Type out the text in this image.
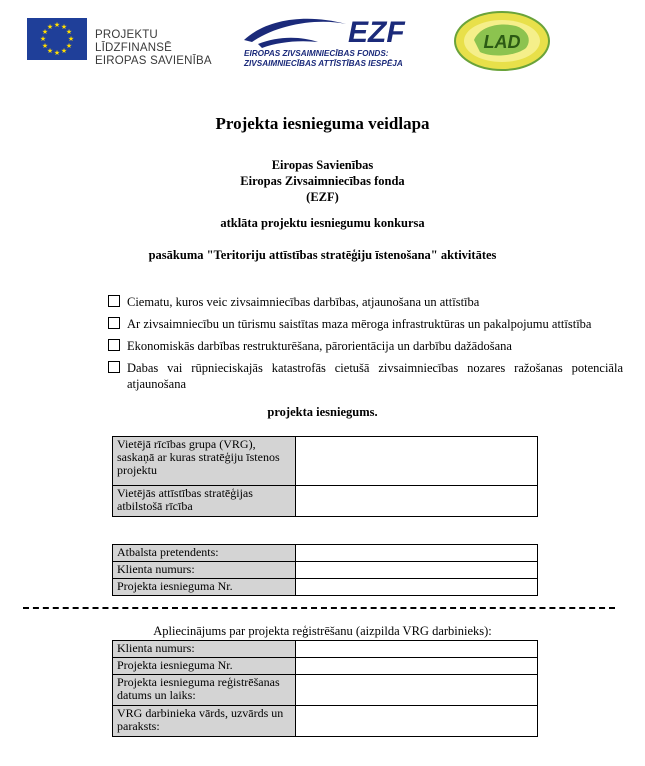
★ ★
★
★
★
★
★
★
★
★
★
★
PROJEKTU LĪDZFINANSĒ
EIROPAS SAVIENĪBA
EZF
EIROPAS ZIVSAIMNIECĪBAS FONDS:
ZIVSAIMNIECĪBAS ATTĪSTĪBAS IESPĒJA
LAD
Projekta iesnieguma veidlapa
Eiropas Savienības
Eiropas Zivsaimniecības fonda
(EZF)
atklāta projektu iesniegumu konkursa
pasākuma "Teritoriju attīstības stratēģiju īstenošana" aktivitātes
Ciematu, kuros veic zivsaimniecības darbības, atjaunošana un attīstība
Ar zivsaimniecību un tūrismu saistītas maza mēroga infrastruktūras un pakalpojumu attīstība
Ekonomiskās darbības restrukturēšana, pārorientācija un darbību dažādošana
Dabas vai rūpnieciskajās katastrofās cietušā zivsaimniecības nozares ražošanas potenciāla atjaunošana
projekta iesniegums.
Vietējā rīcības grupa (VRG), saskaņā ar kuras stratēģiju īstenos projektu	
Vietējās attīstības stratēģijas atbilstošā rīcība	
Atbalsta pretendents:	
Klienta numurs:	
Projekta iesnieguma Nr.	
Apliecinājums par projekta reģistrēšanu (aizpilda VRG darbinieks):
Klienta numurs:	
Projekta iesnieguma Nr.	
Projekta iesnieguma reģistrēšanas datums un laiks:	
VRG darbinieka vārds, uzvārds un paraksts:	
